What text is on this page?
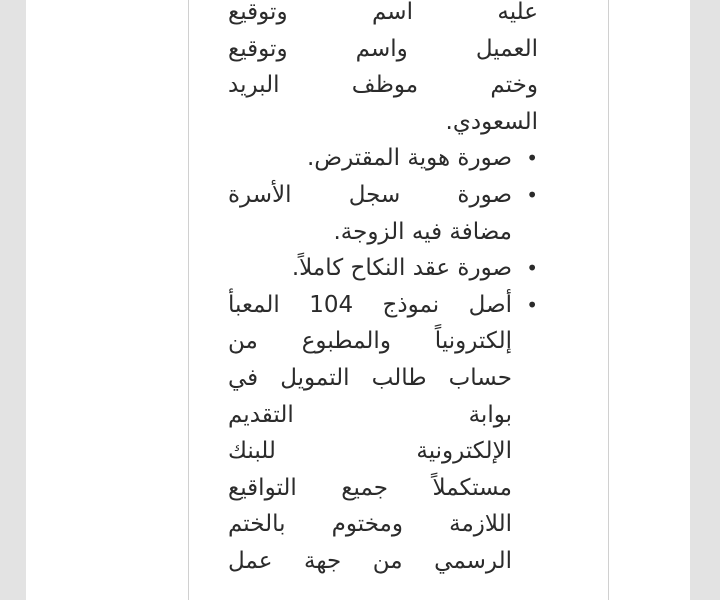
عليه اسم وتوقيع
العميل واسم وتوقيع
وختم موظف البريد
السعودي.
•
صورة هوية المقترض.
•
صورة سجل الأسرة
مضافة فيه الزوجة.
•
صورة عقد النكاح كاملاً.
•
أصل نموذج 104 المعبأ
إلكترونياً والمطبوع من
حساب طالب التمويل في
بوابة التقديم
الإلكترونية للبنك
مستكملاً جميع التواقيع
اللازمة ومختوم بالختم
الرسمي من جهة عمل
